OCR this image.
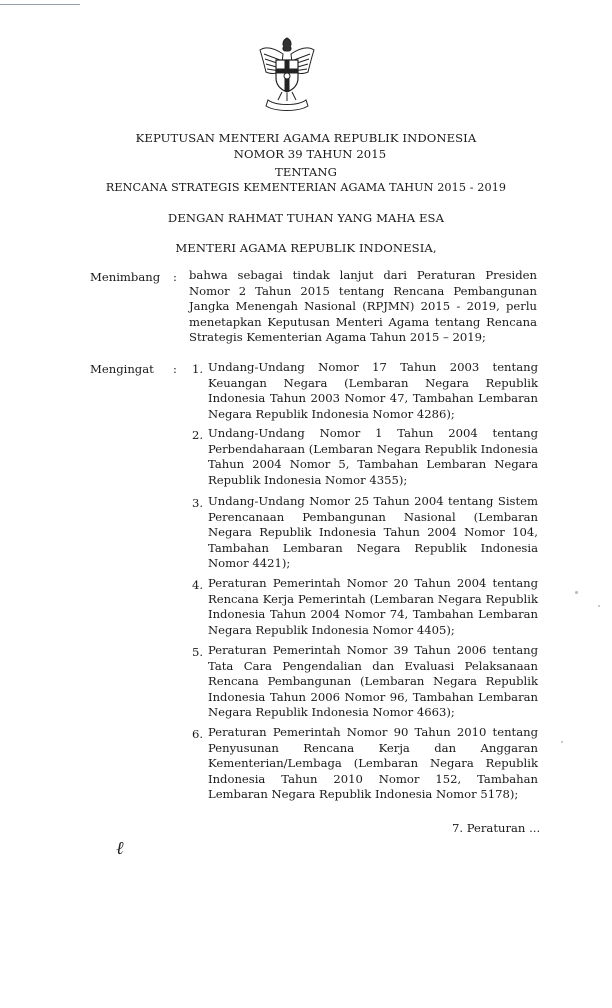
KEPUTUSAN MENTERI AGAMA REPUBLIK INDONESIA
NOMOR 39 TAHUN 2015
TENTANG
RENCANA STRATEGIS KEMENTERIAN AGAMA TAHUN 2015 - 2019
DENGAN RAHMAT TUHAN YANG MAHA ESA
MENTERI AGAMA REPUBLIK INDONESIA,
Menimbang : bahwa sebagai tindak lanjut dari Peraturan Presiden Nomor 2 Tahun 2015 tentang Rencana Pembangunan Jangka Menengah Nasional (RPJMN) 2015 - 2019, perlu menetapkan Keputusan Menteri Agama tentang Rencana Strategis Kementerian Agama Tahun 2015 – 2019;

Mengingat :	1. Undang-Undang Nomor 17 Tahun 2003 tentang Keuangan Negara (Lembaran Negara Republik Indonesia Tahun 2003 Nomor 47, Tambahan Lembaran Negara Republik Indonesia Nomor 4286);

2. Undang-Undang Nomor 1 Tahun 2004 tentang Perbendaharaan (Lembaran Negara Republik Indonesia Tahun 2004 Nomor 5, Tambahan Lembaran Negara Republik Indonesia Nomor 4355);

3. Undang-Undang Nomor 25 Tahun 2004 tentang Sistem Perencanaan Pembangunan Nasional (Lembaran Negara Republik Indonesia Tahun 2004 Nomor 104, Tambahan Lembaran Negara Republik Indonesia Nomor 4421);

4. Peraturan Pemerintah Nomor 20 Tahun 2004 tentang Rencana Kerja Pemerintah (Lembaran Negara Republik Indonesia Tahun 2004 Nomor 74, Tambahan Lembaran Negara Republik Indonesia Nomor 4405);

5. Peraturan Pemerintah Nomor 39 Tahun 2006 tentang Tata Cara Pengendalian dan Evaluasi Pelaksanaan Rencana Pembangunan (Lembaran Negara Republik Indonesia Tahun 2006 Nomor 96, Tambahan Lembaran Negara Republik Indonesia Nomor 4663);

6. Peraturan Pemerintah Nomor 90 Tahun 2010 tentang Penyusunan Rencana Kerja dan Anggaran Kementerian/Lembaga (Lembaran Negara Republik Indonesia Tahun 2010 Nomor 152, Tambahan Lembaran Negara Republik Indonesia Nomor 5178);

7. Peraturan ...
ℓ
